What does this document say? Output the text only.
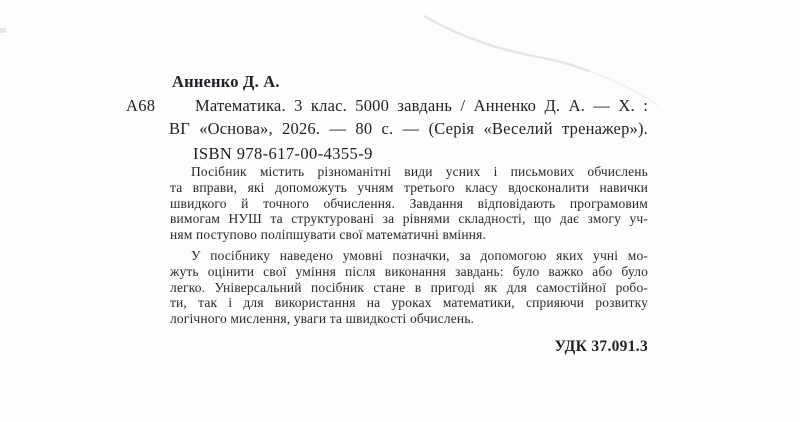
Анненко Д. А.
А68 Математика. 3 клас. 5000 завдань / Анненко Д. А. — Х. :
ВГ «Основа», 2026. — 80 с. — (Серія «Веселий тренажер»).
ISBN 978-617-00-4355-9
Посібник містить різноманітні види усних і письмових обчислень
та вправи, які допоможуть учням третього класу вдосконалити навички
швидкого й точного обчислення. Завдання відповідають програмовим
вимогам НУШ та структуровані за рівнями складності, що дає змогу уч-
ням поступово поліпшувати свої математичні вміння.
У посібнику наведено умовні позначки, за допомогою яких учні мо-
жуть оцінити свої уміння після виконання завдань: було важко або було
легко. Універсальний посібник стане в пригоді як для самостійної робо-
ти, так і для використання на уроках математики, сприяючи розвитку
логічного мислення, уваги та швидкості обчислень.
УДК 37.091.3
